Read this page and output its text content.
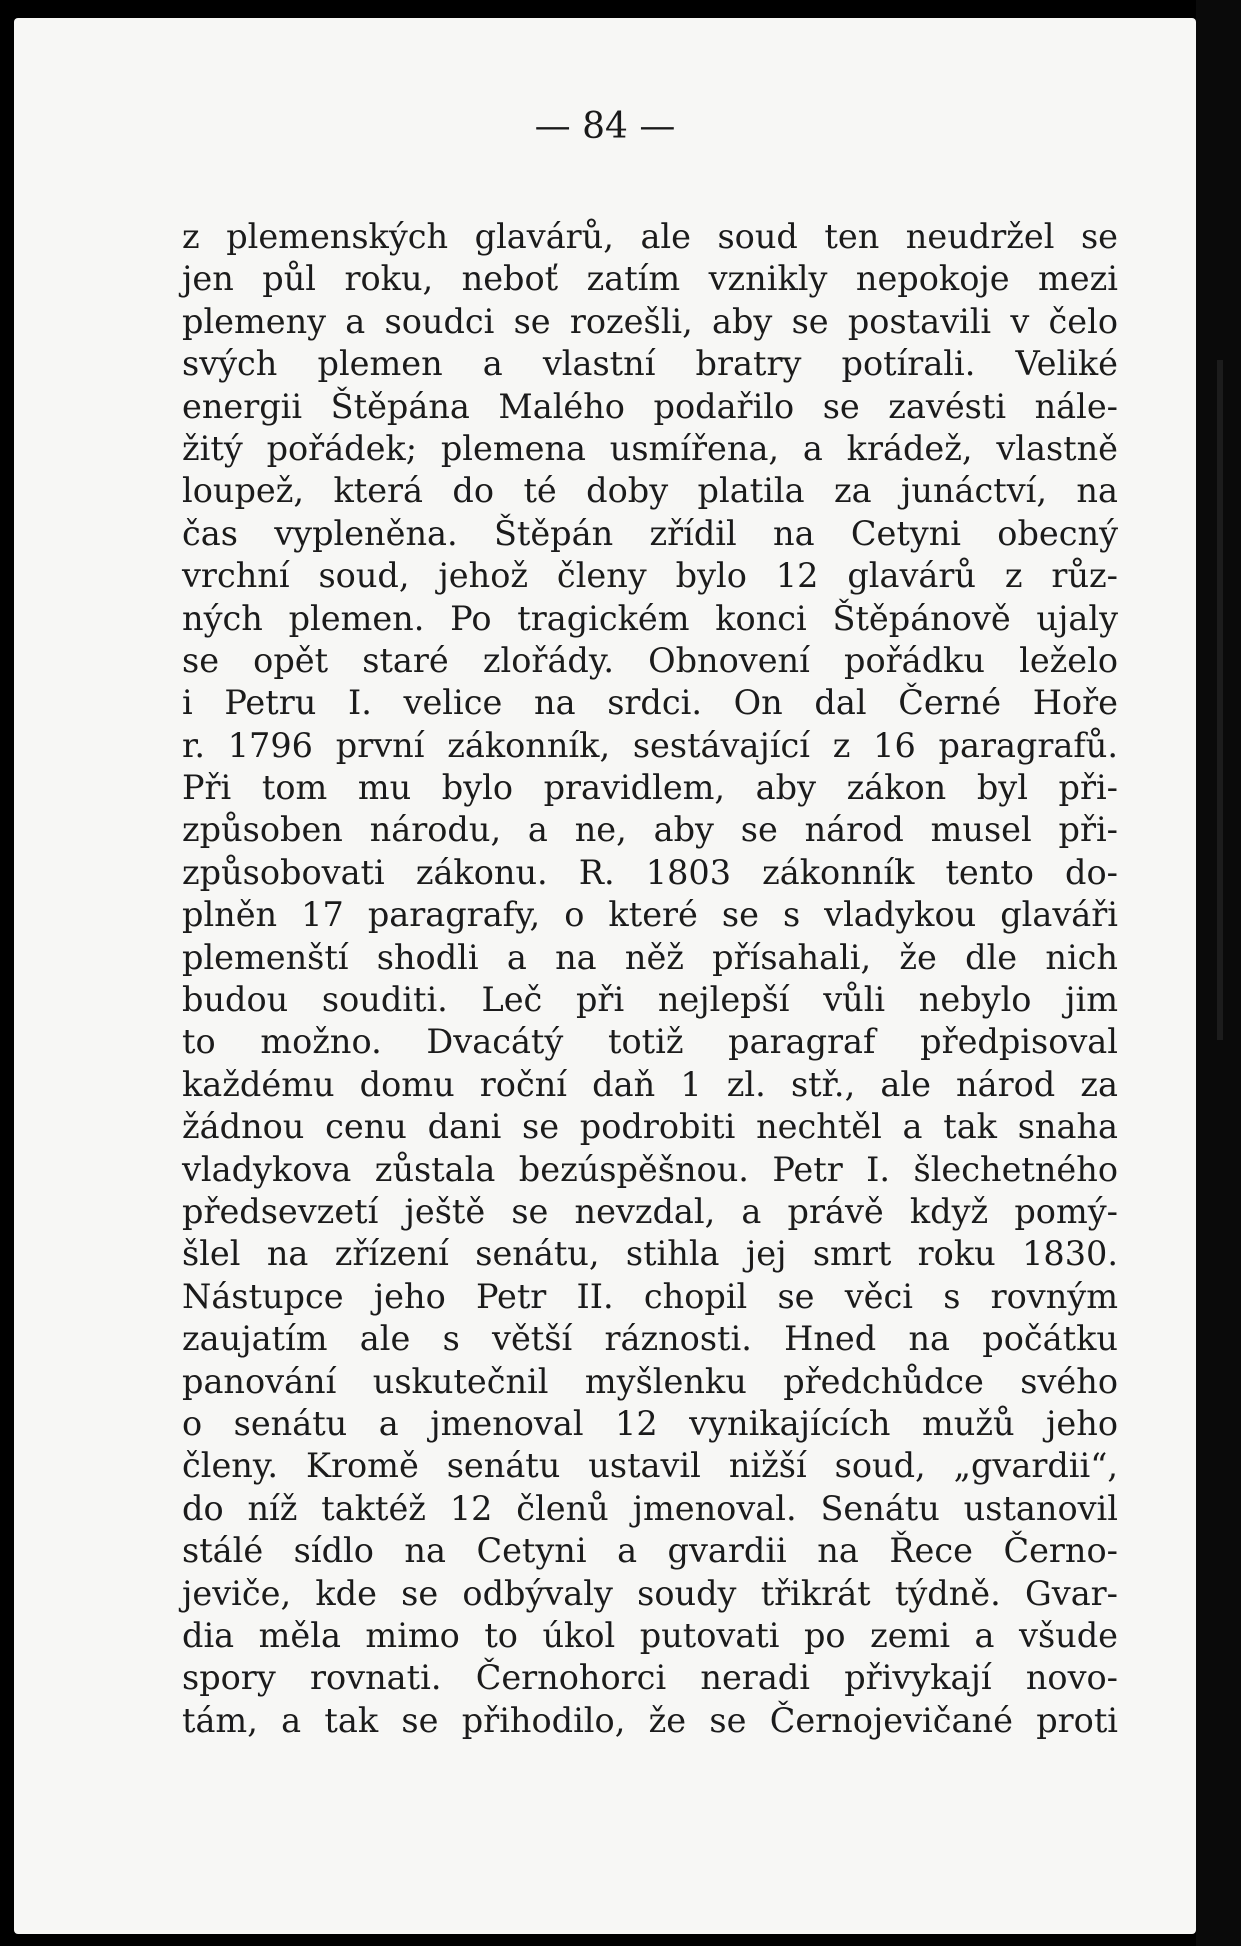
— 84 —
z plemenských glavárů, ale soud ten neudržel se
jen půl roku, neboť zatím vznikly nepokoje mezi
plemeny a soudci se rozešli, aby se postavili v čelo
svých plemen a vlastní bratry potírali. Veliké
energii Štěpána Malého podařilo se zavésti nále-
žitý pořádek; plemena usmířena, a krádež, vlastně
loupež, která do té doby platila za junáctví, na
čas vypleněna. Štěpán zřídil na Cetyni obecný
vrchní soud, jehož členy bylo 12 glavárů z růz-
ných plemen. Po tragickém konci Štěpánově ujaly
se opět staré zlořády. Obnovení pořádku leželo
i Petru I. velice na srdci. On dal Černé Hoře
r. 1796 první zákonník, sestávající z 16 paragrafů.
Při tom mu bylo pravidlem, aby zákon byl při-
způsoben národu, a ne, aby se národ musel při-
způsobovati zákonu. R. 1803 zákonník tento do-
plněn 17 paragrafy, o které se s vladykou glaváři
plemenští shodli a na něž přísahali, že dle nich
budou souditi. Leč při nejlepší vůli nebylo jim
to možno. Dvacátý totiž paragraf předpisoval
každému domu roční daň 1 zl. stř., ale národ za
žádnou cenu dani se podrobiti nechtěl a tak snaha
vladykova zůstala bezúspěšnou. Petr I. šlechetného
předsevzetí ještě se nevzdal, a právě když pomý-
šlel na zřízení senátu, stihla jej smrt roku 1830.
Nástupce jeho Petr II. chopil se věci s rovným
zaujatím ale s větší ráznosti. Hned na počátku
panování uskutečnil myšlenku předchůdce svého
o senátu a jmenoval 12 vynikajících mužů jeho
členy. Kromě senátu ustavil nižší soud, „gvardii“,
do níž taktéž 12 členů jmenoval. Senátu ustanovil
stálé sídlo na Cetyni a gvardii na Řece Černo-
jeviče, kde se odbývaly soudy třikrát týdně. Gvar-
dia měla mimo to úkol putovati po zemi a všude
spory rovnati. Černohorci neradi přivykají novo-
tám, a tak se přihodilo, že se Černojevičané proti
